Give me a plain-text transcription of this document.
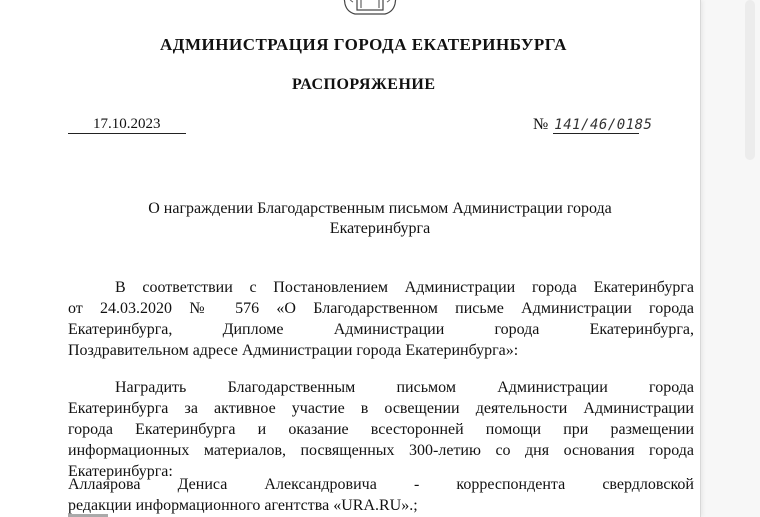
АДМИНИСТРАЦИЯ ГОРОДА ЕКАТЕРИНБУРГА
РАСПОРЯЖЕНИЕ
17.10.2023	№ 141/46/0185
О награждении Благодарственным письмом Администрации города
Екатеринбурга
В соответствии с Постановлением Администрации города Екатеринбурга
от 24.03.2020 № 576 «О Благодарственном письме Администрации города
Екатеринбурга, Дипломе Администрации города Екатеринбурга,
Поздравительном адресе Администрации города Екатеринбурга»:
Наградить Благодарственным письмом Администрации города
Екатеринбурга за активное участие в освещении деятельности Администрации
города Екатеринбурга и оказание всесторонней помощи при размещении
информационных материалов, посвященных 300-летию со дня основания города
Екатеринбурга:
Аллаярова Дениса Александровича - корреспондента свердловской
редакции информационного агентства «URA.RU».;
